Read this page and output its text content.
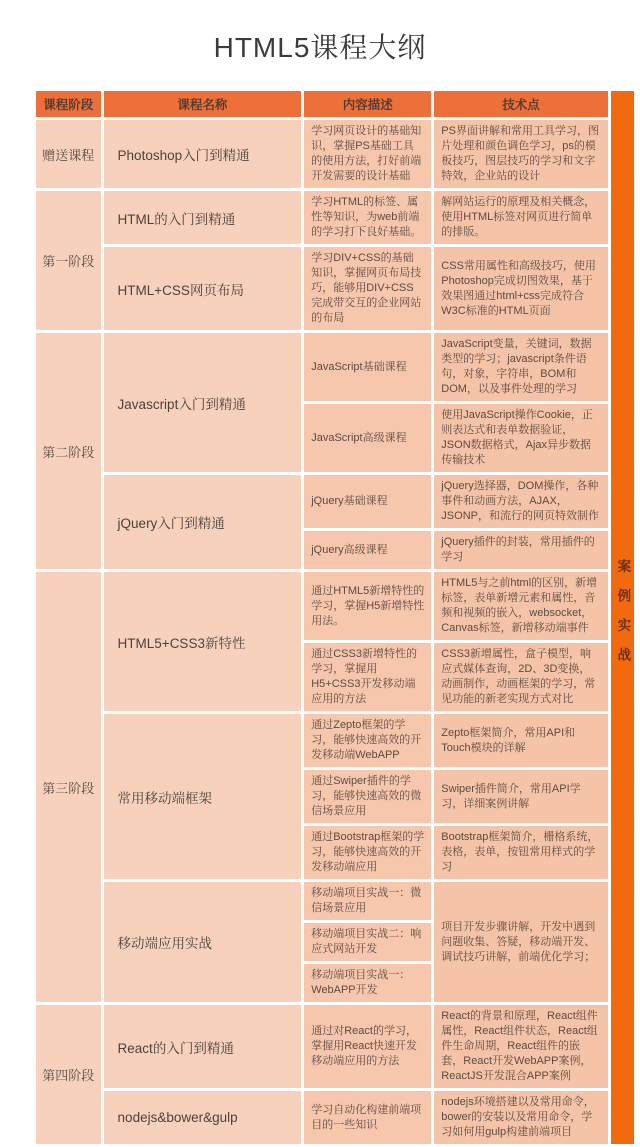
HTML5课程大纲
课程阶段	课程名称	内容描述	技术点	案例实战

赠送课程	Photoshop入门到精通	学习网页设计的基础知识，掌握PS基础工具的使用方法，打好前端开发需要的设计基础	PS界面讲解和常用工具学习，图片处理和颜色调色学习，ps的模板技巧，图层技巧的学习和文字特效，企业站的设计	
第一阶段	HTML的入门到精通	学习HTML的标签、属性等知识，为web前端的学习打下良好基础。	解网站运行的原理及相关概念，使用HTML标签对网页进行简单的排版。	
	HTML+CSS网页布局	学习DIV+CSS的基础知识，掌握网页布局技巧，能够用DIV+CSS完成带交互的企业网站的布局	CSS常用属性和高级技巧，使用Photoshop完成切图效果，基于效果图通过html+css完成符合W3C标准的HTML页面	
第二阶段	Javascript入门到精通	JavaScript基础课程	JavaScript变量，关键词，数据类型的学习；javascript条件语句，对象，字符串，BOM和DOM，以及事件处理的学习	
		JavaScript高级课程	使用JavaScript操作Cookie，正则表达式和表单数据验证，JSON数据格式，Ajax异步数据传输技术	
	jQuery入门到精通	jQuery基础课程	jQuery选择器，DOM操作，各种事件和动画方法，AJAX，JSONP，和流行的网页特效制作	
		jQuery高级课程	jQuery插件的封装，常用插件的学习	
第三阶段	HTML5+CSS3新特性	通过HTML5新增特性的学习，掌握H5新增特性用法。	HTML5与之前html的区别，新增标签，表单新增元素和属性，音频和视频的嵌入，websocket，Canvas标签，新增移动端事件	
		通过CSS3新增特性的学习，掌握用H5+CSS3开发移动端应用的方法	CSS3新增属性，盒子模型，响应式媒体查询，2D、3D变换，动画制作，动画框架的学习，常见功能的新老实现方式对比	
	常用移动端框架	通过Zepto框架的学习，能够快速高效的开发移动端WebAPP	Zepto框架简介，常用API和Touch模块的详解	
		通过Swiper插件的学习，能够快速高效的微信场景应用	Swiper插件简介，常用API学习，详细案例讲解	
		通过Bootstrap框架的学习，能够快速高效的开发移动端应用	Bootstrap框架简介，栅格系统，表格，表单，按钮常用样式的学习	
	移动端应用实战	移动端项目实战一：微信场景应用	项目开发步骤讲解，开发中遇到问题收集、答疑，移动端开发、调试技巧讲解，前端优化学习；	
		移动端项目实战二：响应式网站开发		
		移动端项目实战一：WebAPP开发		
第四阶段	React的入门到精通	通过对React的学习，掌握用React快速开发移动端应用的方法	React的背景和原理，React组件属性，React组件状态，React组件生命周期，React组件的嵌套，React开发WebAPP案例，ReactJS开发混合APP案例	
	nodejs&bower&gulp	学习自动化构建前端项目的一些知识	nodejs环境搭建以及常用命令，bower的安装以及常用命令，学习如何用gulp构建前端项目	
